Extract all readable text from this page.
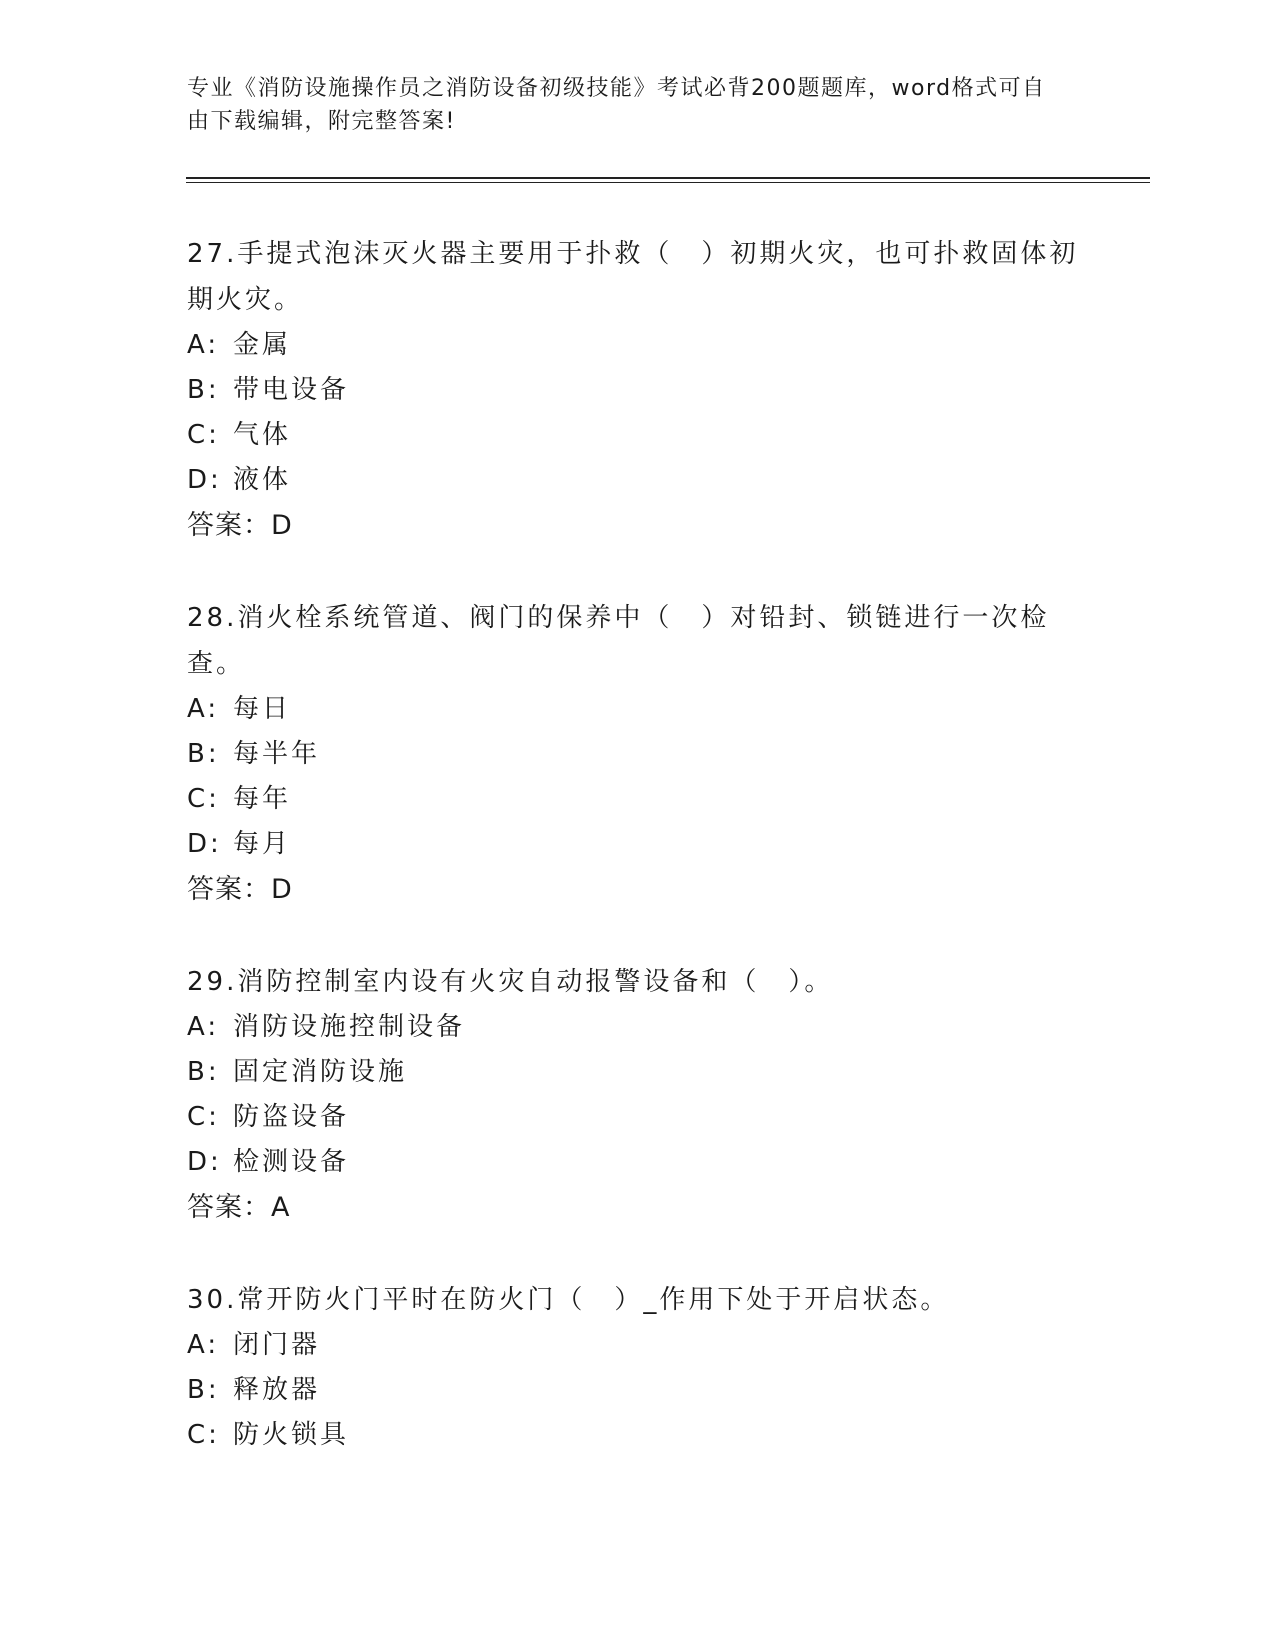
专业《消防设施操作员之消防设备初级技能》考试必背200题题库，word格式可自由下载编辑，附完整答案!

27.手提式泡沫灭火器主要用于扑救（　）初期火灾，也可扑救固体初期火灾。

A: 金属

B: 带电设备

C: 气体

D: 液体

答案：D

28.消火栓系统管道、阀门的保养中（　）对铅封、锁链进行一次检查。

A: 每日

B: 每半年

C: 每年

D: 每月

答案：D

29.消防控制室内设有火灾自动报警设备和（　）。

A: 消防设施控制设备

B: 固定消防设施

C: 防盗设备

D: 检测设备

答案：A

30.常开防火门平时在防火门（　）_作用下处于开启状态。

A: 闭门器

B: 释放器

C: 防火锁具
